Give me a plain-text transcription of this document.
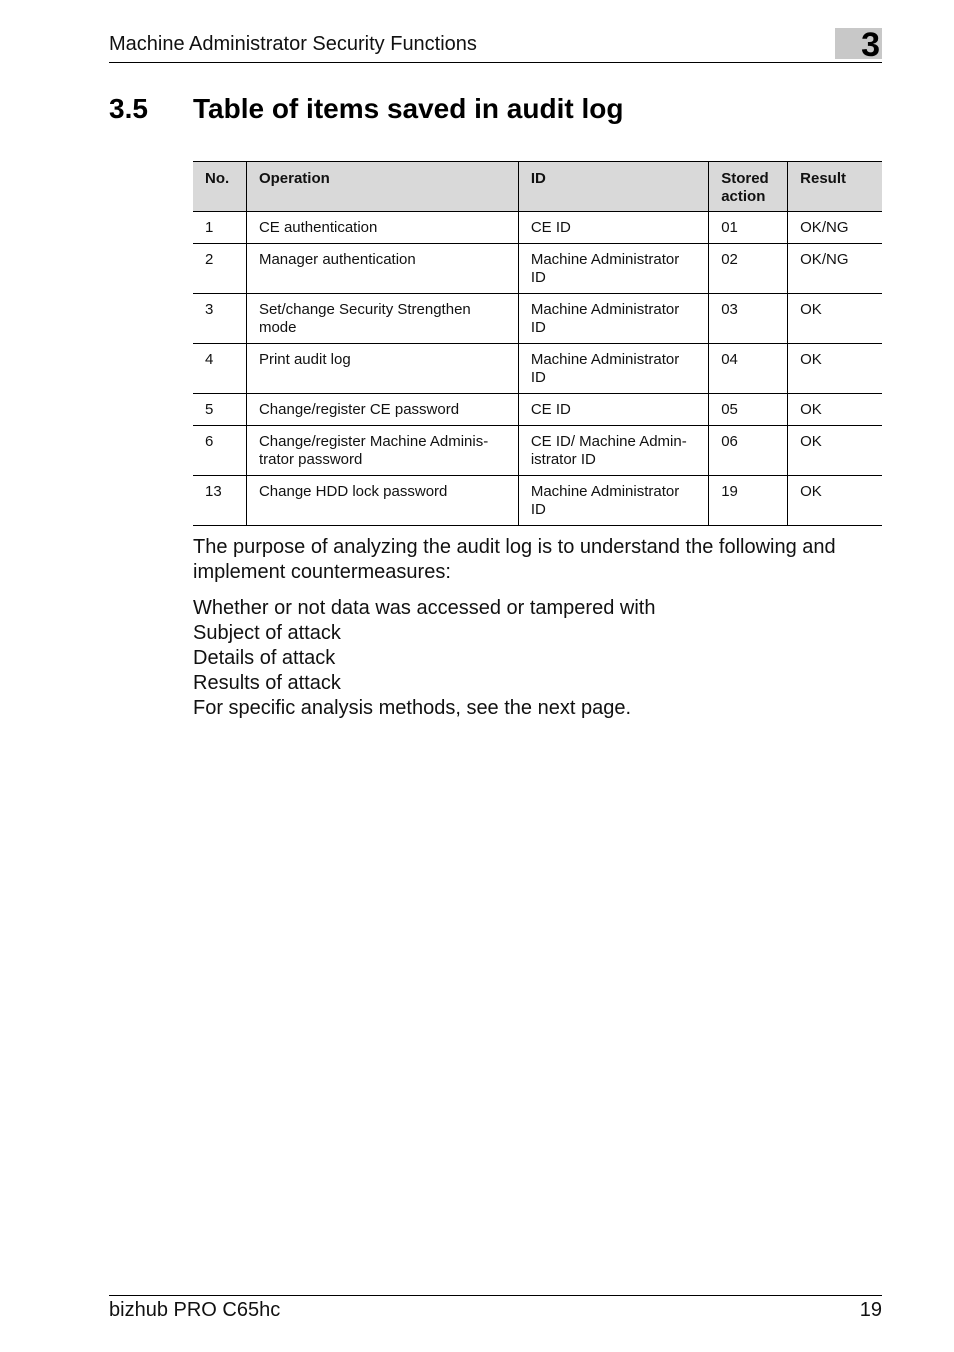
Machine Administrator Security Functions	3
3.5 Table of items saved in audit log
No.	Operation	ID	Stored action	Result
1	CE authentication	CE ID	01	OK/NG
2	Manager authentication	Machine Administrator ID	02	OK/NG
3	Set/change Security Strengthen mode	Machine Administrator ID	03	OK
4	Print audit log	Machine Administrator ID	04	OK
5	Change/register CE password	CE ID	05	OK
6	Change/register Machine Adminis-trator password	CE ID/ Machine Admin-istrator ID	06	OK
13	Change HDD lock password	Machine Administrator ID	19	OK
The purpose of analyzing the audit log is to understand the following and implement countermeasures:
Whether or not data was accessed or tampered with
Subject of attack
Details of attack
Results of attack
For specific analysis methods, see the next page.
bizhub PRO C65hc	19
